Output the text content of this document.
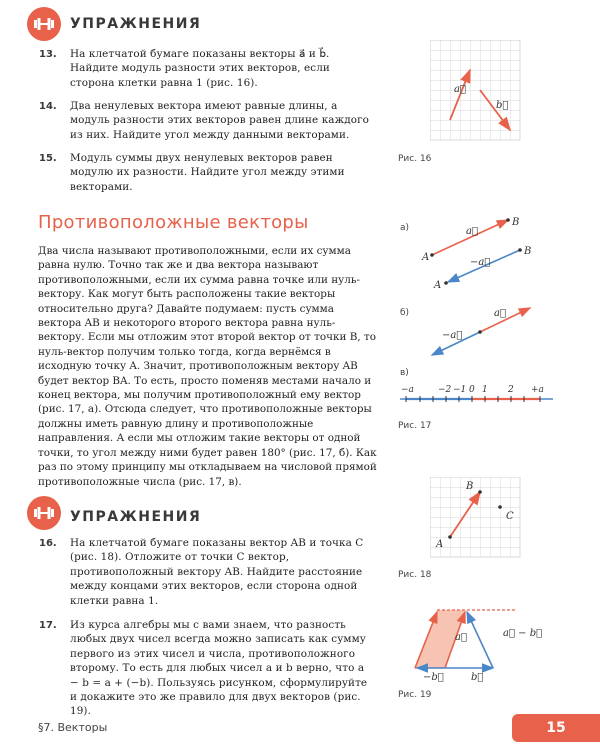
УПРАЖНЕНИЯ
13. На клетчатой бумаге показаны векторы a⃗ и b⃗. Найдите модуль разности этих векторов, если сторона клетки равна 1 (рис. 16).
14. Два ненулевых вектора имеют равные длины, а модуль разности этих векторов равен длине каждого из них. Найдите угол между данными векторами.
15. Модуль суммы двух ненулевых векторов равен модулю их разности. Найдите угол между этими векторами.
Противоположные векторы
Два числа называют противоположными, если их сумма равна нулю. Точно так же и два вектора называют противоположными, если их сумма равна точке или нуль-вектору. Как могут быть расположены такие векторы относительно друга? Давайте подумаем: пусть сумма вектора AB и некоторого второго вектора равна нуль-вектору. Если мы отложим этот второй вектор от точки B, то нуль-вектор получим только тогда, когда вернёмся в исходную точку A. Значит, противоположным вектору AB будет вектор BA. То есть, просто поменяв местами начало и конец вектора, мы получим противоположный ему вектор (рис. 17, а). Отсюда следует, что противоположные векторы должны иметь равную длину и противоположные направления. А если мы отложим такие векторы от одной точки, то угол между ними будет равен 180° (рис. 17, б). Как раз по этому принципу мы откладываем на числовой прямой противоположные числа (рис. 17, в).
УПРАЖНЕНИЯ
16. На клетчатой бумаге показаны вектор AB и точка C (рис. 18). Отложите от точки C вектор, противоположный вектору AB. Найдите расстояние между концами этих векторов, если сторона одной клетки равна 1.
17. Из курса алгебры мы с вами знаем, что разность любых двух чисел всегда можно записать как сумму первого из этих чисел и числа, противоположного второму. То есть для любых чисел a и b верно, что a − b = a + (−b). Пользуясь рисунком, сформулируйте и докажите это же правило для двух векторов (рис. 19).
a⃗
b⃗
Рис. 16
а)
A
B
a⃗
B
A
−a⃗
б)	a⃗
−a⃗
в)
−a	−2 −1 0 1 2 +a
Рис. 17
A
B
C
Рис. 18
a⃗	a⃗ − b⃗
−b⃗	b⃗
Рис. 19
§7. Векторы	15
